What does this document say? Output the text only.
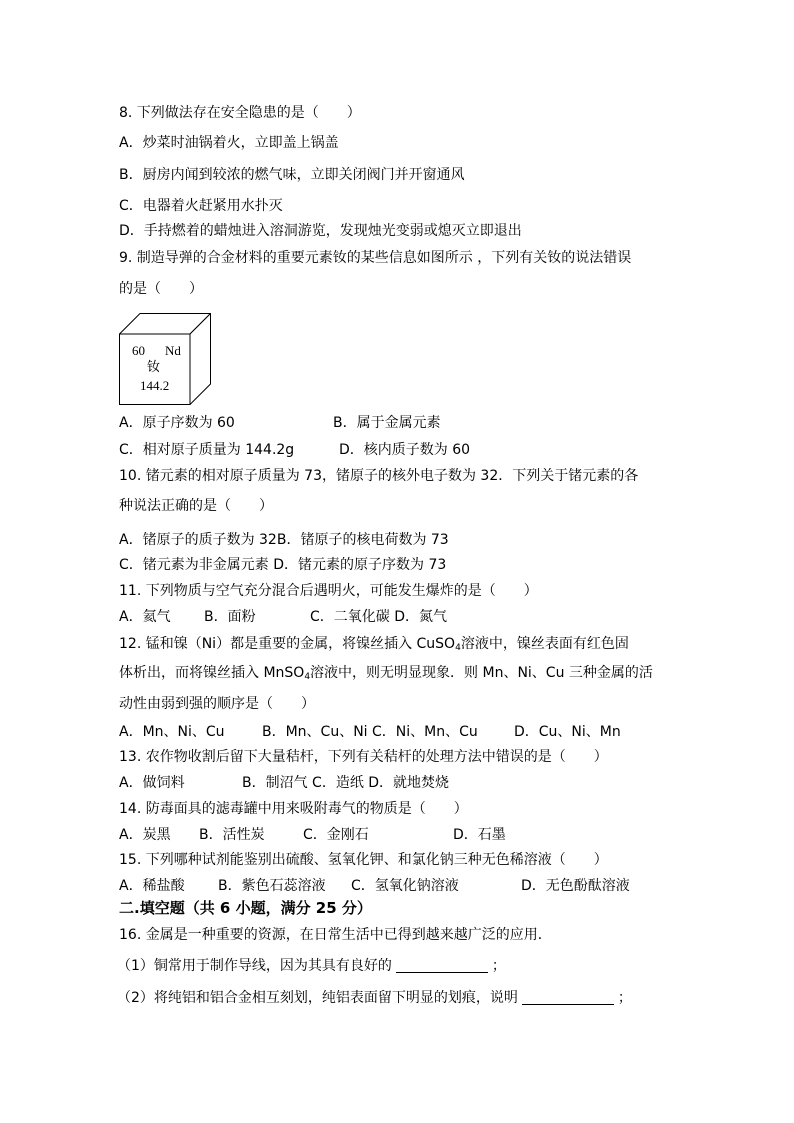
8. 下列做法存在安全隐患的是（　　）
A．炒菜时油锅着火，立即盖上锅盖
B．厨房内闻到较浓的燃气味，立即关闭阀门并开窗通风
C．电器着火赶紧用水扑灭
D．手持燃着的蜡烛进入溶洞游览，发现烛光变弱或熄灭立即退出
9. 制造导弹的合金材料的重要元素钕的某些信息如图所示 ，下列有关钕的说法错误
的是（　　）
60 Nd
钕
144.2
A．原子序数为 60	B．属于金属元素
C．相对原子质量为 144.2g	D．核内质子数为 60
10. 锗元素的相对原子质量为 73，锗原子的核外电子数为 32．下列关于锗元素的各
种说法正确的是（　　）
A．锗原子的质子数为 32B．锗原子的核电荷数为 73
C．锗元素为非金属元素 D．锗元素的原子序数为 73
11. 下列物质与空气充分混合后遇明火，可能发生爆炸的是（　　）
A．氦气 B．面粉	C．二氧化碳 D．氮气
12. 锰和镍（Ni）都是重要的金属，将镍丝插入 CuSO$_4$溶液中，镍丝表面有红色固
体析出，而将镍丝插入 MnSO$_4$溶液中，则无明显现象．则 Mn、Ni、Cu 三种金属的活
动性由弱到强的顺序是（　　）
A．Mn、Ni、Cu	B．Mn、Cu、Ni C．Ni、Mn、Cu	D．Cu、Ni、Mn
13. 农作物收割后留下大量秸杆，下列有关秸杆的处理方法中错误的是（　　）
A．做饲料	B．制沼气 C．造纸 D．就地焚烧
14. 防毒面具的滤毒罐中用来吸附毒气的物质是（　　）
A．炭黑 B．活性炭	C．金刚石	D．石墨
15. 下列哪种试剂能鉴别出硫酸、氢氧化钾、和氯化钠三种无色稀溶液（　　）
A．稀盐酸 B．紫色石蕊溶液 C．氢氧化钠溶液	D．无色酚酞溶液
二.填空题（共 6 小题，满分 25 分）
16. 金属是一种重要的资源，在日常生活中已得到越来越广泛的应用．
（1）铜常用于制作导线，因为其具有良好的	；
（2）将纯铝和铝合金相互刻划，纯铝表面留下明显的划痕，说明	；
